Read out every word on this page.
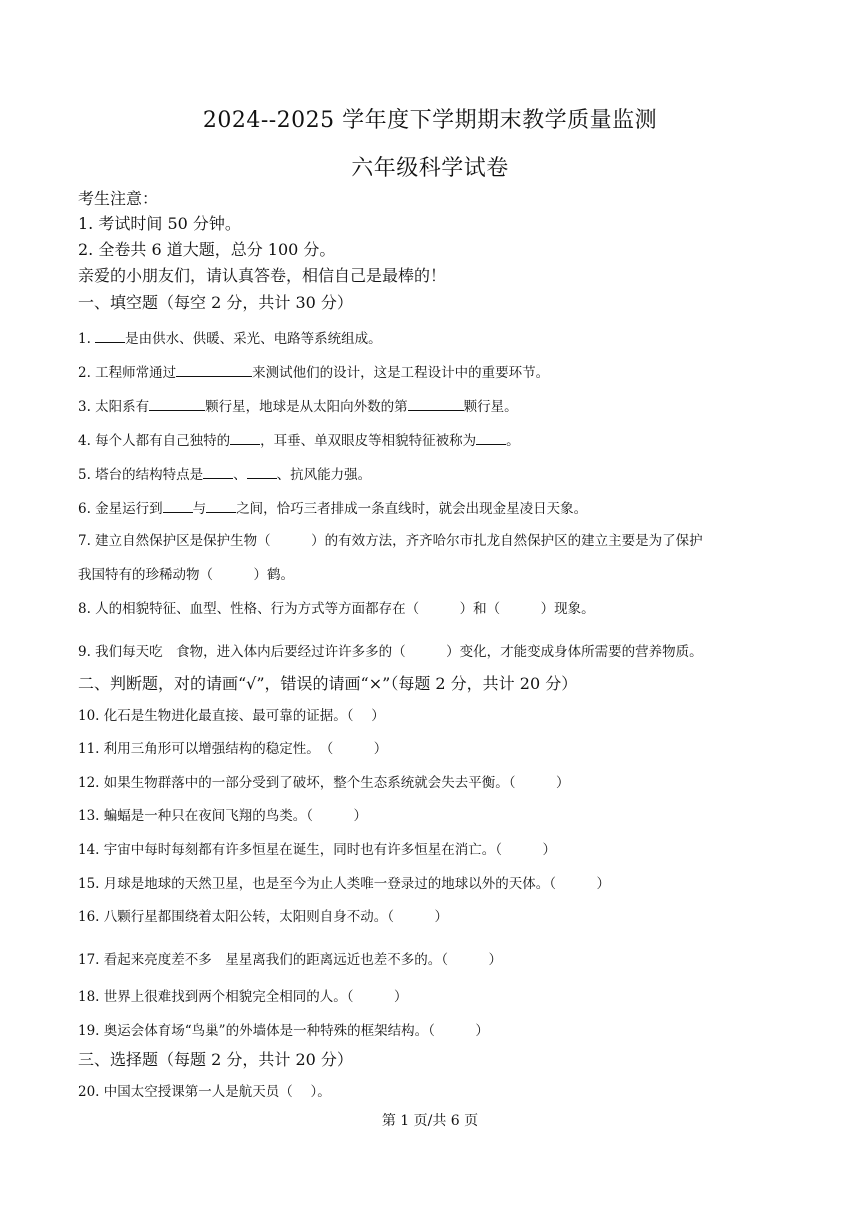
2024--2025 学年度下学期期末教学质量监测
六年级科学试卷
考生注意：
1. 考试时间 50 分钟。
2. 全卷共 6 道大题，总分 100 分。
亲爱的小朋友们，请认真答卷，相信自己是最棒的！
一、填空题（每空 2 分，共计 30 分）
1. 是由供水、供暖、采光、电路等系统组成。
2. 工程师常通过	来测试他们的设计，这是工程设计中的重要环节。
3. 太阳系有	颗行星，地球是从太阳向外数的第	颗行星。
4. 每个人都有自己独特的 ，耳垂、单双眼皮等相貌特征被称为 。
5. 塔台的结构特点是 、 、抗风能力强。
6. 金星运行到 与 之间，恰巧三者排成一条直线时，就会出现金星凌日天象。
7. 建立自然保护区是保护生物（　　　）的有效方法，齐齐哈尔市扎龙自然保护区的建立主要是为了保护
我国特有的珍稀动物（　　　）鹤。
8. 人的相貌特征、血型、性格、行为方式等方面都存在（　　　）和（　　　）现象。
9. 我们每天吃　食物，进入体内后要经过许许多多的（　　　）变化，才能变成身体所需要的营养物质。
二、判断题，对的请画“√”，错误的请画“×”（每题 2 分，共计 20 分）
10. 化石是生物进化最直接、最可靠的证据。（　 ）
11. 利用三角形可以增强结构的稳定性。　（　　　）
12. 如果生物群落中的一部分受到了破坏，整个生态系统就会失去平衡。（　　　）
13. 蝙蝠是一种只在夜间飞翔的鸟类。（　　　）
14. 宇宙中每时每刻都有许多恒星在诞生，同时也有许多恒星在消亡。（　　　）
15. 月球是地球的天然卫星，也是至今为止人类唯一登录过的地球以外的天体。（　　　）
16. 八颗行星都围绕着太阳公转，太阳则自身不动。（　　　）
17. 看起来亮度差不多　星星离我们的距离远近也差不多的。（　　　）
18. 世界上很难找到两个相貌完全相同的人。（　　　）
19. 奥运会体育场“鸟巢”的外墙体是一种特殊的框架结构。（　　　）
三、选择题（每题 2 分，共计 20 分）
20. 中国太空授课第一人是航天员（　 ）。
第 1 页/共 6 页
